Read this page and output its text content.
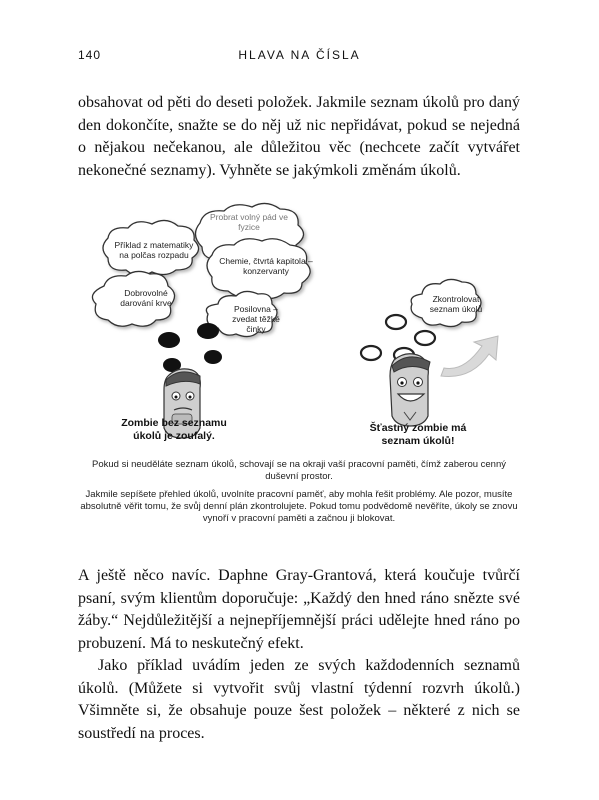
140	HLAVA NA ČÍSLA

obsahovat od pěti do deseti položek. Jakmile seznam úkolů pro daný den dokončíte, snažte se do něj už nic nepřidávat, pokud se nejedná o nějakou nečekanou, ale důležitou věc (nechcete začít vytvářet nekonečné seznamy). Vyhněte se jakýmkoli změnám úkolů.

Probrat volný pád ve fyzice
Příklad z matematiky na polčas rozpadu
Chemie, čtvrtá kapitola – konzervanty
Dobrovolné darování krve
Posilovna – zvedat těžké činky
Zkontrolovat seznam úkolů
Zombie bez seznamu úkolů je zoufalý.
Šťastný zombie má seznam úkolů!
Pokud si neuděláte seznam úkolů, schovají se na okraji vaší pracovní paměti, čímž zaberou cenný duševní prostor.
Jakmile sepíšete přehled úkolů, uvolníte pracovní paměť, aby mohla řešit problémy. Ale pozor, musíte absolutně věřit tomu, že svůj denní plán zkontrolujete. Pokud tomu podvědomě nevěříte, úkoly se znovu vynoří v pracovní paměti a začnou ji blokovat.

A ještě něco navíc. Daphne Gray-Grantová, která koučuje tvůrčí psaní, svým klientům doporučuje: „Každý den hned ráno snězte své žáby.“ Nejdůležitější a nejnepříjemnější práci udělejte hned ráno po probuzení. Má to neskutečný efekt.

Jako příklad uvádím jeden ze svých každodenních seznamů úkolů. (Můžete si vytvořit svůj vlastní týdenní rozvrh úkolů.) Všimněte si, že obsahuje pouze šest položek – některé z nich se soustředí na proces.
